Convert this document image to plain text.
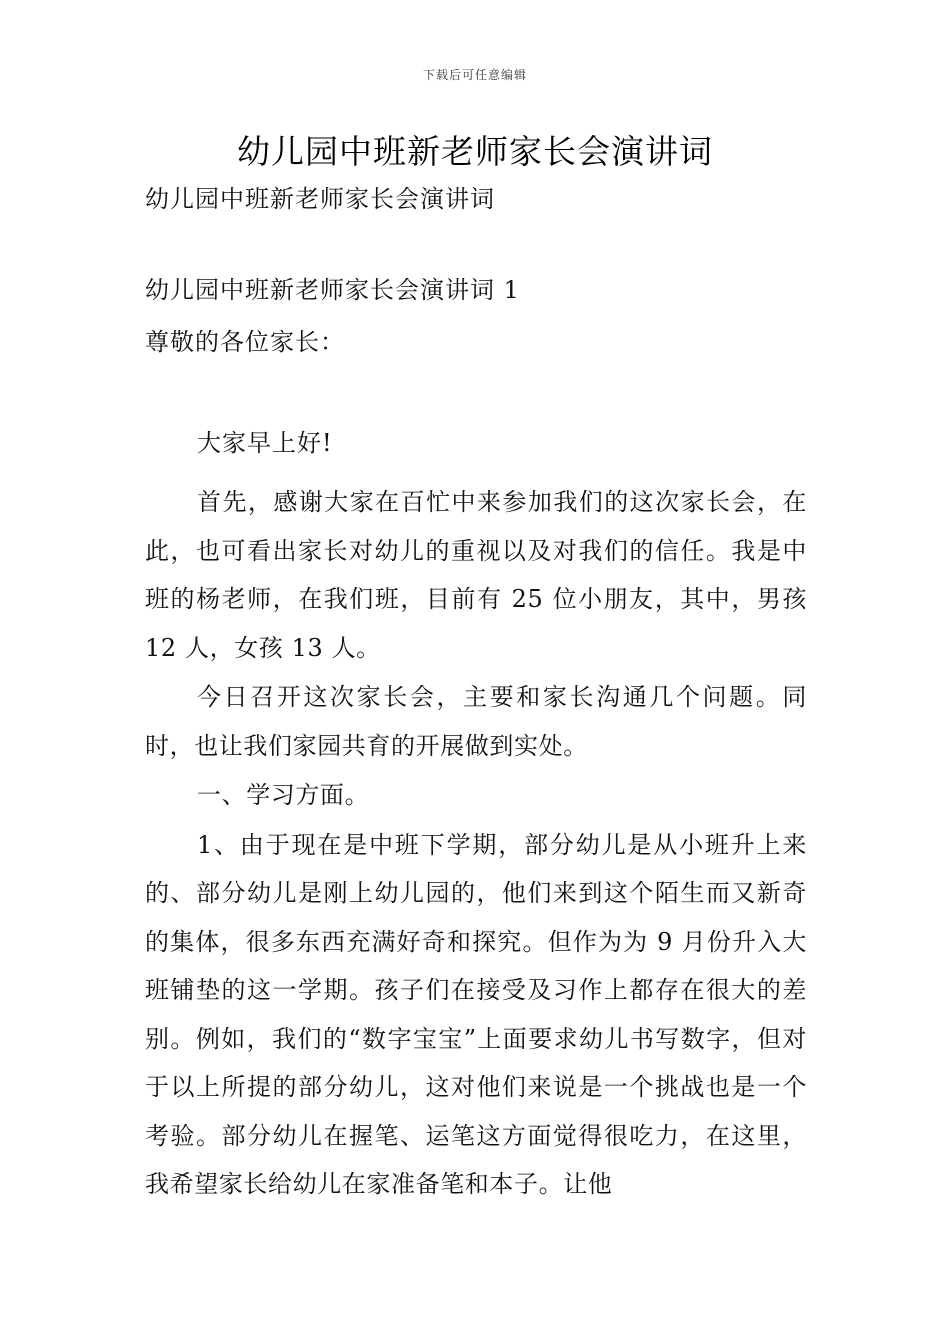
下载后可任意编辑
幼儿园中班新老师家长会演讲词

幼儿园中班新老师家长会演讲词

幼儿园中班新老师家长会演讲词 1

尊敬的各位家长：

大家早上好!

首先，感谢大家在百忙中来参加我们的这次家长会，在此，也可看出家长对幼儿的重视以及对我们的信任。我是中班的杨老师，在我们班，目前有 25 位小朋友，其中，男孩 12 人，女孩 13 人。

今日召开这次家长会，主要和家长沟通几个问题。同时，也让我们家园共育的开展做到实处。

一、学习方面。

1、由于现在是中班下学期，部分幼儿是从小班升上来的、部分幼儿是刚上幼儿园的，他们来到这个陌生而又新奇的集体，很多东西充满好奇和探究。但作为为 9 月份升入大班铺垫的这一学期。孩子们在接受及习作上都存在很大的差别。例如，我们的“数字宝宝”上面要求幼儿书写数字，但对于以上所提的部分幼儿，这对他们来说是一个挑战也是一个考验。部分幼儿在握笔、运笔这方面觉得很吃力，在这里，我希望家长给幼儿在家准备笔和本子。让他
